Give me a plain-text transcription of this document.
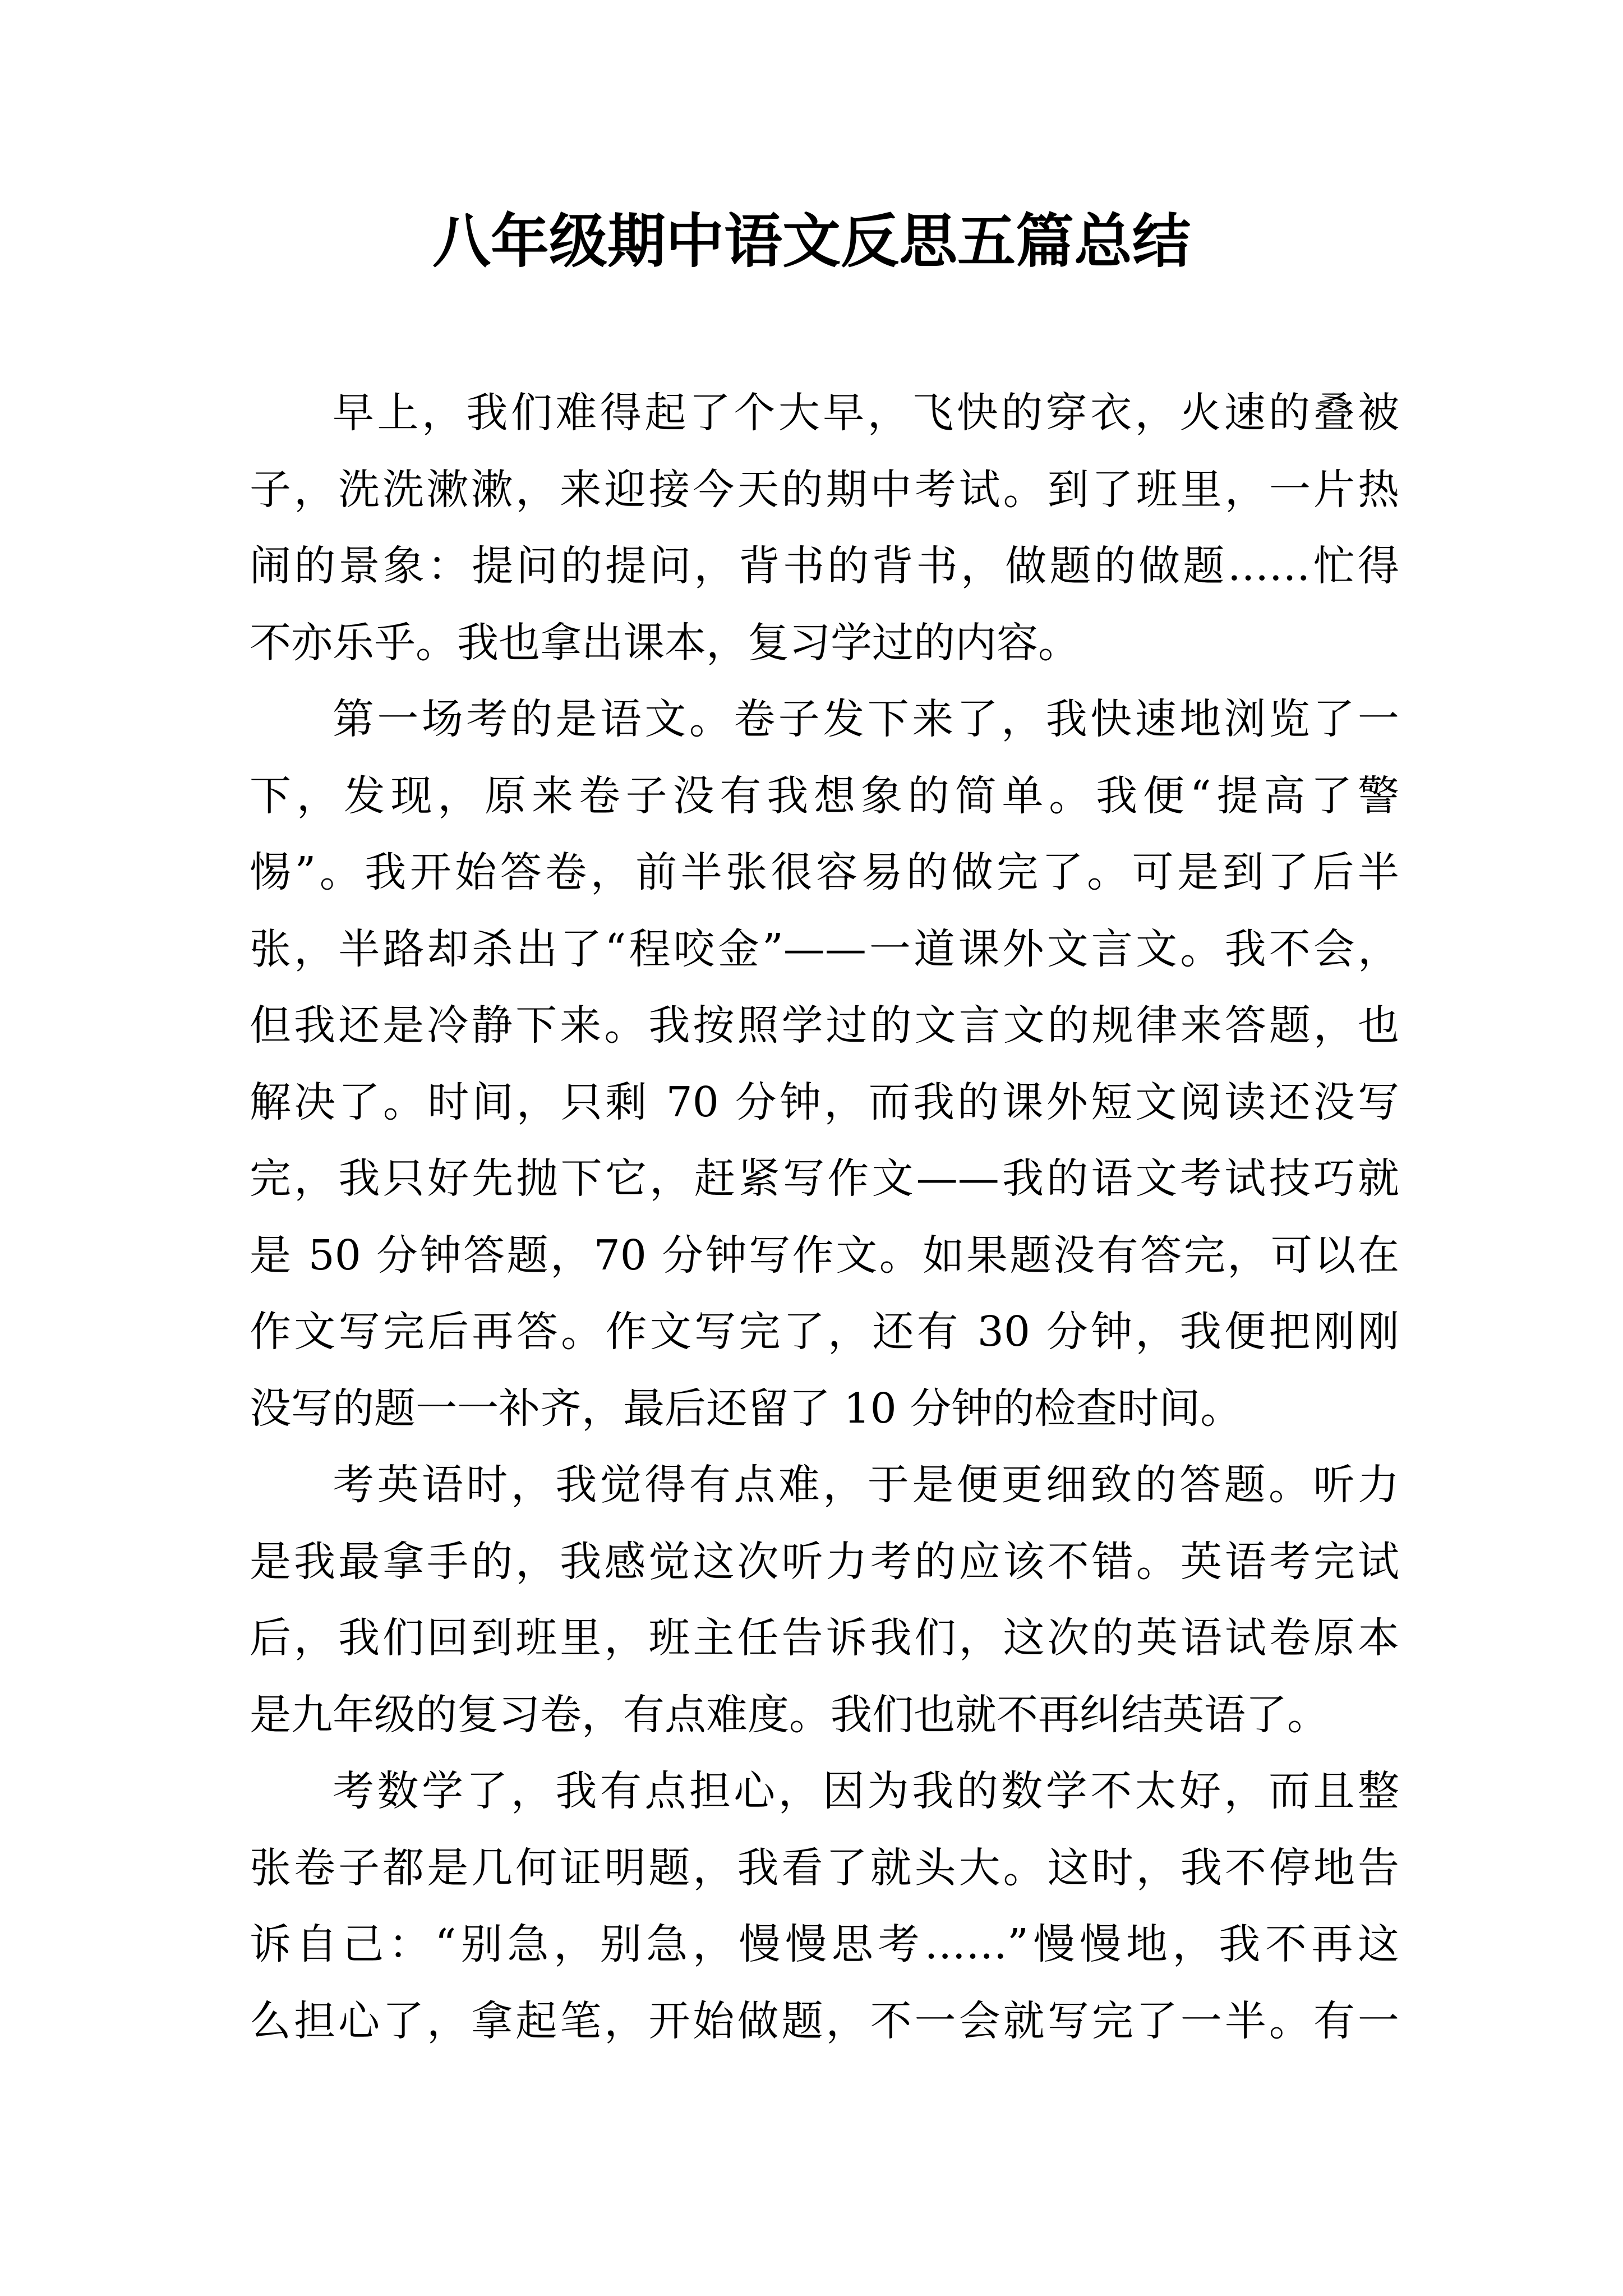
八年级期中语文反思五篇总结

早上，我们难得起了个大早，飞快的穿衣，火速的叠被
子，洗洗漱漱，来迎接今天的期中考试。到了班里，一片热
闹的景象：提问的提问，背书的背书，做题的做题……忙得
不亦乐乎。我也拿出课本，复习学过的内容。

第一场考的是语文。卷子发下来了，我快速地浏览了一
下，发现，原来卷子没有我想象的简单。我便“提高了警
惕”。我开始答卷，前半张很容易的做完了。可是到了后半
张，半路却杀出了“程咬金”——一道课外文言文。我不会，
但我还是冷静下来。我按照学过的文言文的规律来答题，也
解决了。时间，只剩 70 分钟，而我的课外短文阅读还没写
完，我只好先抛下它，赶紧写作文——我的语文考试技巧就
是 50 分钟答题，70 分钟写作文。如果题没有答完，可以在
作文写完后再答。作文写完了，还有 30 分钟，我便把刚刚
没写的题一一补齐，最后还留了 10 分钟的检查时间。

考英语时，我觉得有点难，于是便更细致的答题。听力
是我最拿手的，我感觉这次听力考的应该不错。英语考完试
后，我们回到班里，班主任告诉我们，这次的英语试卷原本
是九年级的复习卷，有点难度。我们也就不再纠结英语了。

考数学了，我有点担心，因为我的数学不太好，而且整
张卷子都是几何证明题，我看了就头大。这时，我不停地告
诉自己：“别急，别急，慢慢思考……”慢慢地，我不再这
么担心了，拿起笔，开始做题，不一会就写完了一半。有一
